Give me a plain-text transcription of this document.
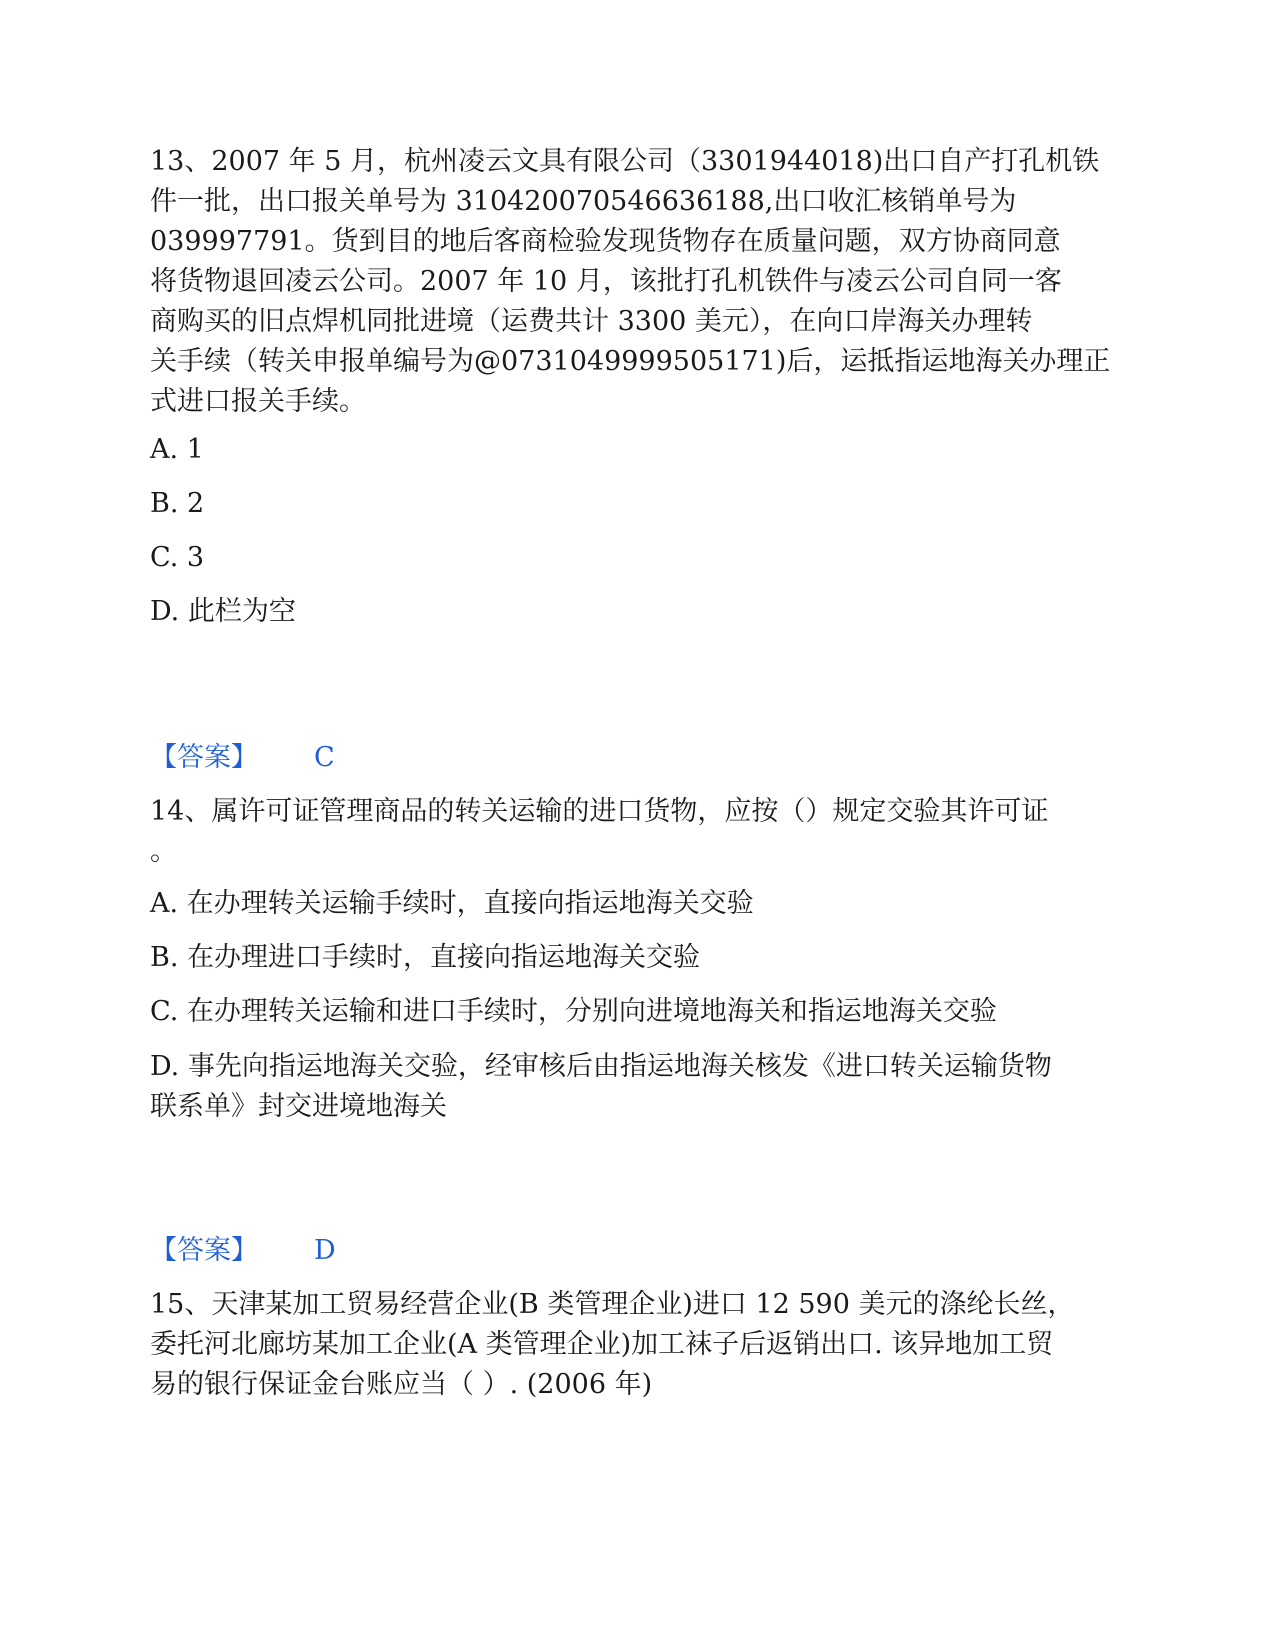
13、2007 年 5 月，杭州凌云文具有限公司（3301944018)出口自产打孔机铁
件一批，出口报关单号为 310420070546636188,出口收汇核销单号为
039997791。货到目的地后客商检验发现货物存在质量问题，双方协商同意
将货物退回凌云公司。2007 年 10 月，该批打孔机铁件与凌云公司自同一客
商购买的旧点焊机同批进境（运费共计 3300 美元），在向口岸海关办理转
关手续（转关申报单编号为@0731049999505171)后，运抵指运地海关办理正
式进口报关手续。
A. 1
B. 2
C. 3
D. 此栏为空
【答案】 C
14、属许可证管理商品的转关运输的进口货物，应按（）规定交验其许可证
。
A. 在办理转关运输手续时，直接向指运地海关交验
B. 在办理进口手续时，直接向指运地海关交验
C. 在办理转关运输和进口手续时，分别向进境地海关和指运地海关交验
D. 事先向指运地海关交验，经审核后由指运地海关核发《进口转关运输货物
联系单》封交进境地海关
【答案】 D
15、天津某加工贸易经营企业(B 类管理企业)进口 12 590 美元的涤纶长丝，
委托河北廊坊某加工企业(A 类管理企业)加工袜子后返销出口. 该异地加工贸
易的银行保证金台账应当（ ）. (2006 年)
